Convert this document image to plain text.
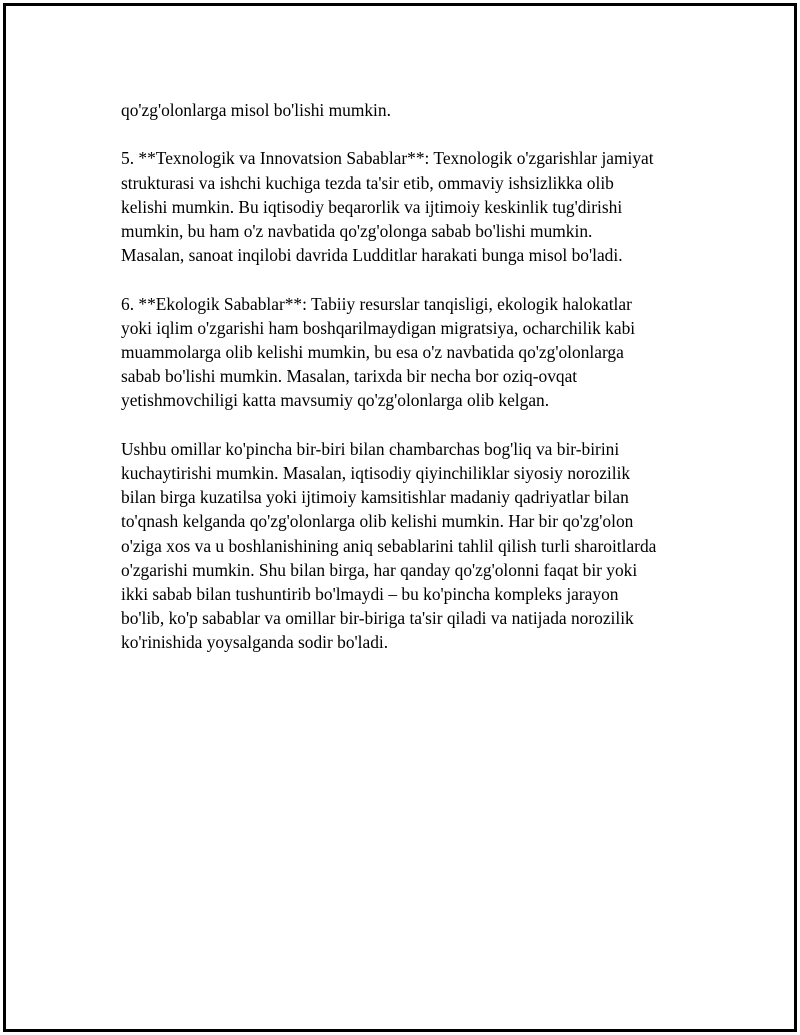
qo'zg'olonlarga misol bo'lishi mumkin.
5. **Texnologik va Innovatsion Sabablar**: Texnologik o'zgarishlar jamiyat
strukturasi va ishchi kuchiga tezda ta'sir etib, ommaviy ishsizlikka olib
kelishi mumkin. Bu iqtisodiy beqarorlik va ijtimoiy keskinlik tug'dirishi
mumkin, bu ham o'z navbatida qo'zg'olonga sabab bo'lishi mumkin.
Masalan, sanoat inqilobi davrida Ludditlar harakati bunga misol bo'ladi.
6. **Ekologik Sabablar**: Tabiiy resurslar tanqisligi, ekologik halokatlar
yoki iqlim o'zgarishi ham boshqarilmaydigan migratsiya, ocharchilik kabi
muammolarga olib kelishi mumkin, bu esa o'z navbatida qo'zg'olonlarga
sabab bo'lishi mumkin. Masalan, tarixda bir necha bor oziq-ovqat
yetishmovchiligi katta mavsumiy qo'zg'olonlarga olib kelgan.
Ushbu omillar ko'pincha bir-biri bilan chambarchas bog'liq va bir-birini
kuchaytirishi mumkin. Masalan, iqtisodiy qiyinchiliklar siyosiy norozilik
bilan birga kuzatilsa yoki ijtimoiy kamsitishlar madaniy qadriyatlar bilan
to'qnash kelganda qo'zg'olonlarga olib kelishi mumkin. Har bir qo'zg'olon
o'ziga xos va u boshlanishining aniq sebablarini tahlil qilish turli sharoitlarda
o'zgarishi mumkin. Shu bilan birga, har qanday qo'zg'olonni faqat bir yoki
ikki sabab bilan tushuntirib bo'lmaydi – bu ko'pincha kompleks jarayon
bo'lib, ko'p sabablar va omillar bir-biriga ta'sir qiladi va natijada norozilik
ko'rinishida yoysalganda sodir bo'ladi.
